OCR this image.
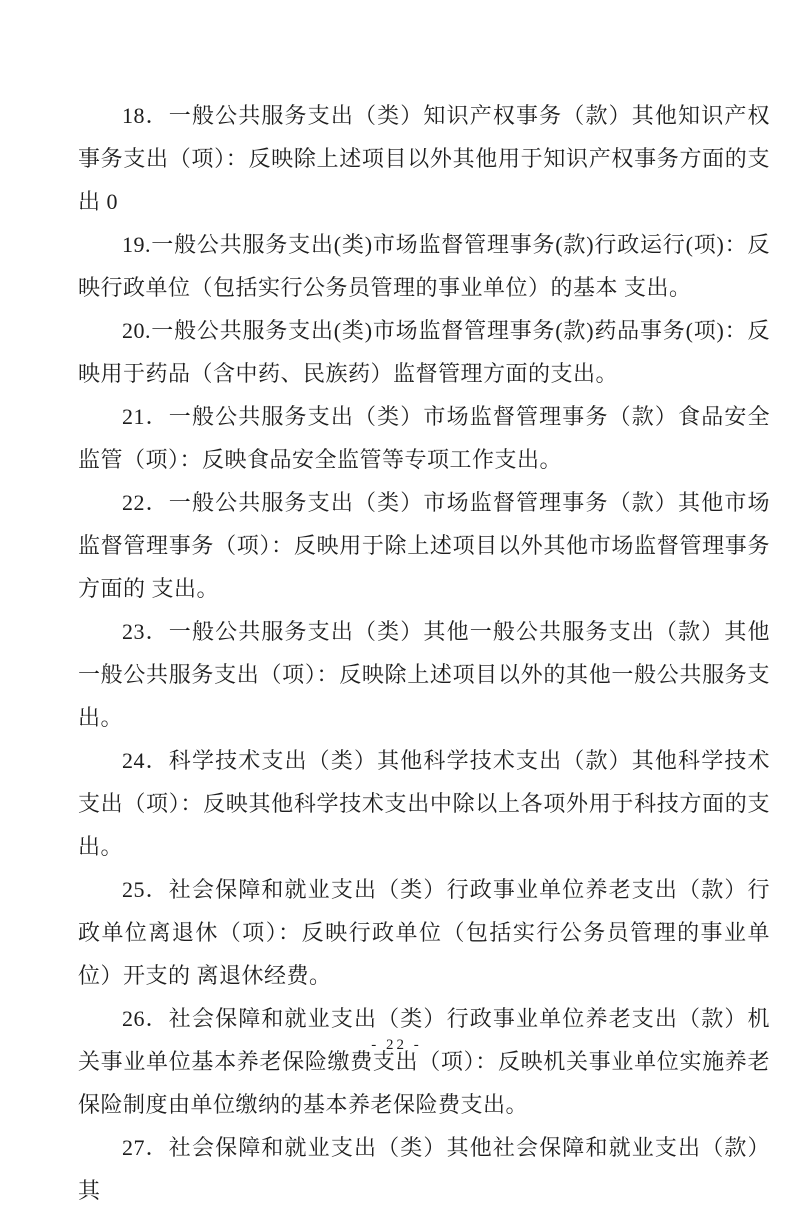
18．一般公共服务支出（类）知识产权事务（款）其他知识产权事务支出（项）：反映除上述项目以外其他用于知识产权事务方面的支出 0

19.一般公共服务支出(类)市场监督管理事务(款)行政运行(项)：反映行政单位（包括实行公务员管理的事业单位）的基本 支出。

20.一般公共服务支出(类)市场监督管理事务(款)药品事务(项)：反映用于药品（含中药、民族药）监督管理方面的支出。

21．一般公共服务支出（类）市场监督管理事务（款）食品安全监管（项）：反映食品安全监管等专项工作支出。

22．一般公共服务支出（类）市场监督管理事务（款）其他市场监督管理事务（项）：反映用于除上述项目以外其他市场监督管理事务方面的 支出。

23．一般公共服务支出（类）其他一般公共服务支出（款）其他一般公共服务支出（项）：反映除上述项目以外的其他一般公共服务支出。

24．科学技术支出（类）其他科学技术支出（款）其他科学技术支出（项）：反映其他科学技术支出中除以上各项外用于科技方面的支出。

25．社会保障和就业支出（类）行政事业单位养老支出（款）行政单位离退休（项）：反映行政单位（包括实行公务员管理的事业单位）开支的 离退休经费。

26．社会保障和就业支出（类）行政事业单位养老支出（款）机关事业单位基本养老保险缴费支出（项）：反映机关事业单位实施养老保险制度由单位缴纳的基本养老保险费支出。

27．社会保障和就业支出（类）其他社会保障和就业支出（款）其

- 22 -
